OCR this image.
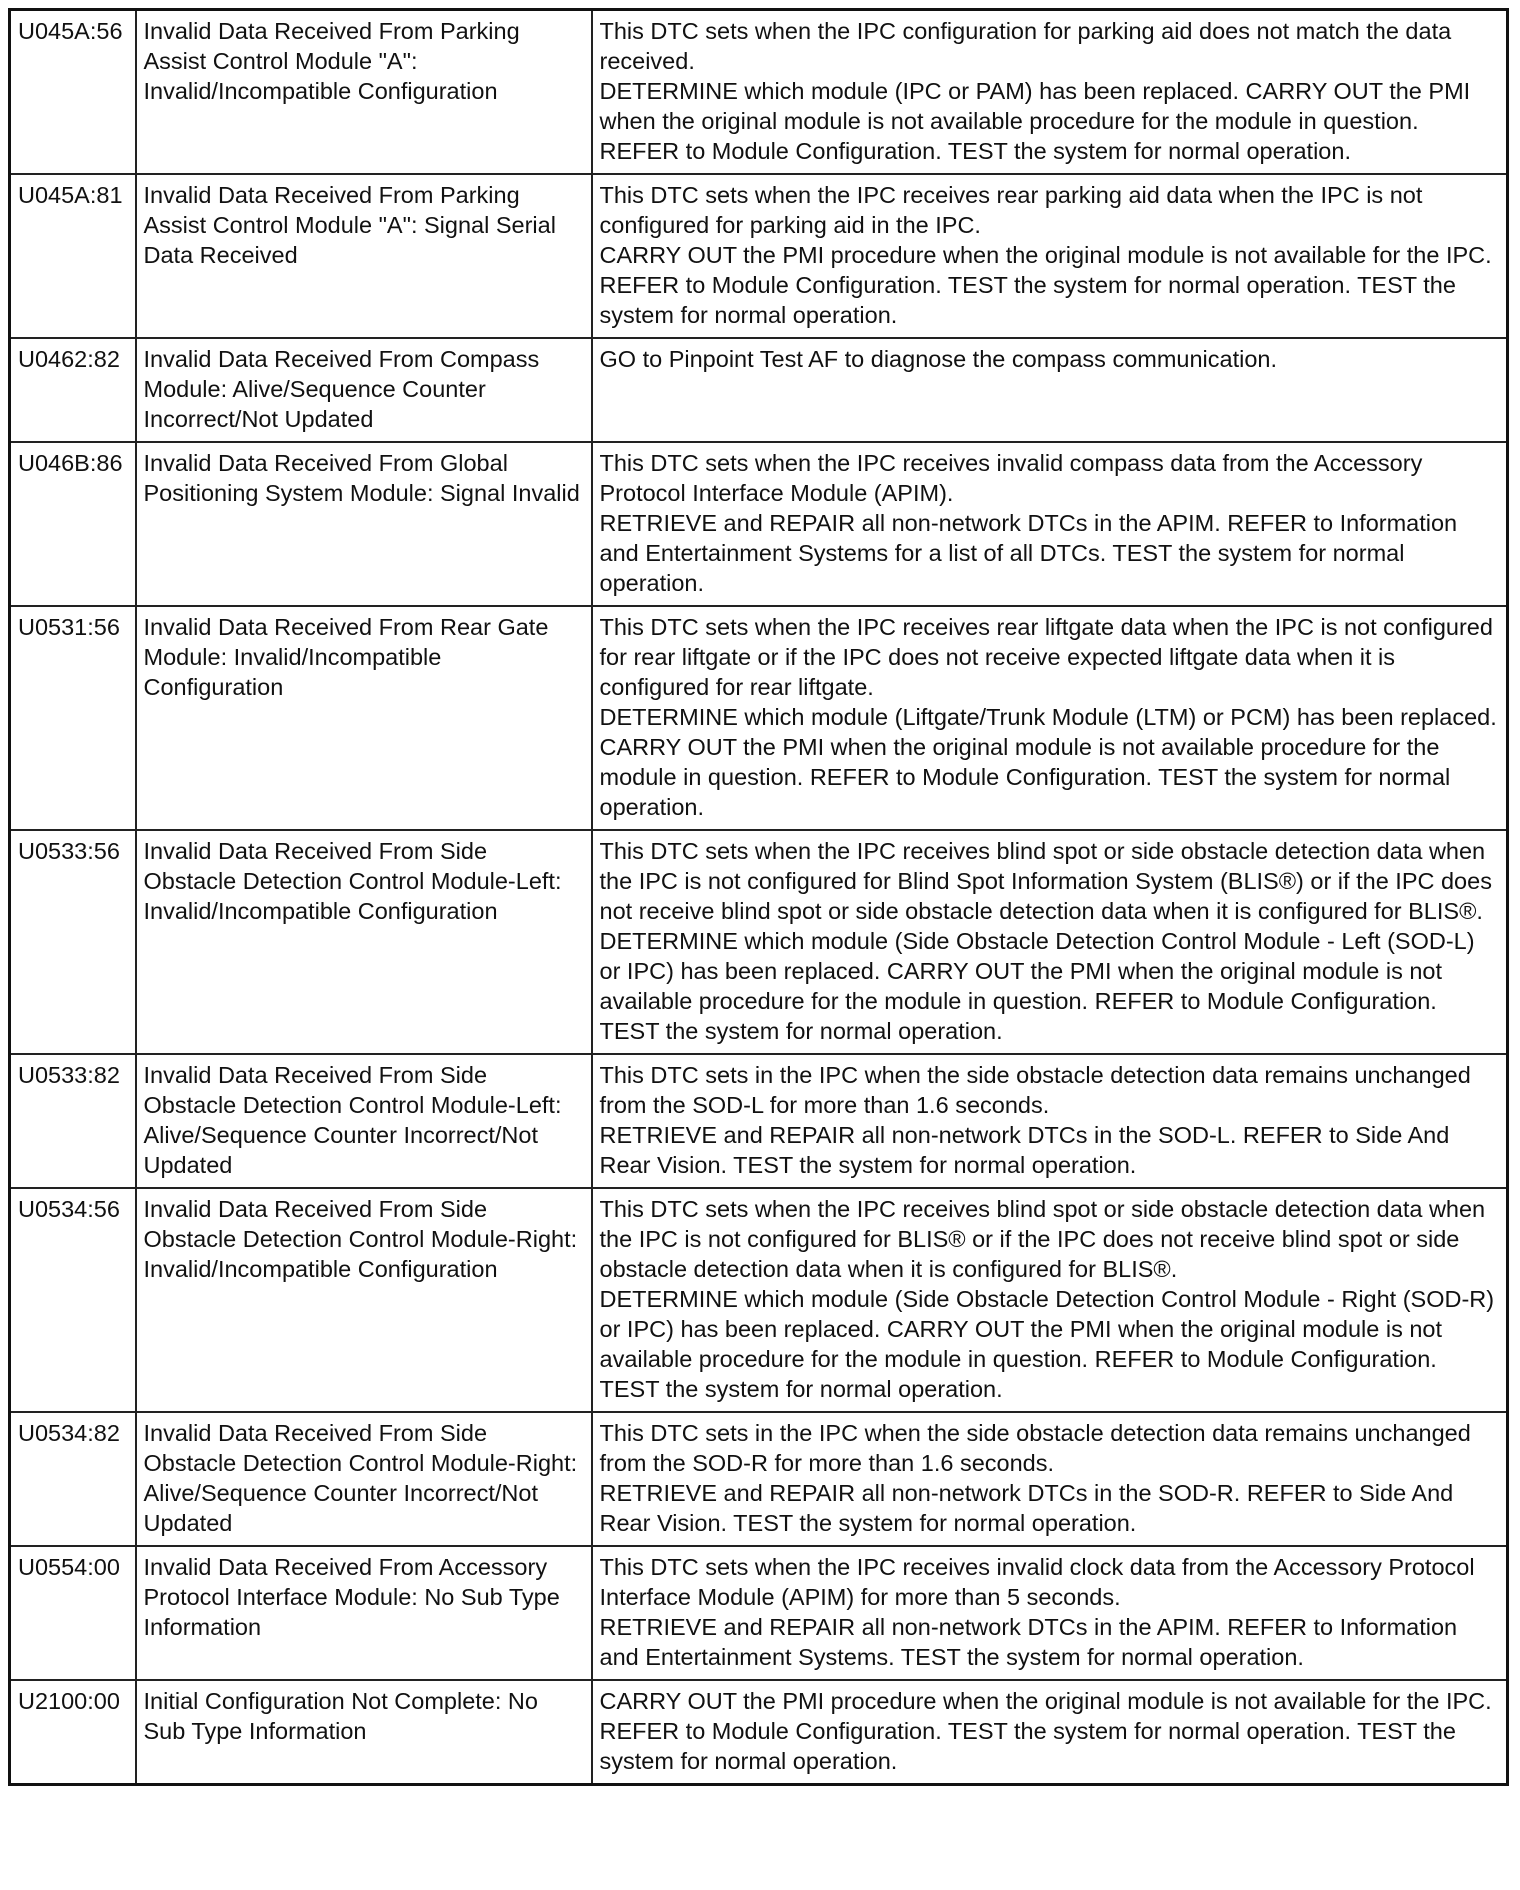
U045A:56	Invalid Data Received From Parking Assist Control Module "A": Invalid/Incompatible Configuration	This DTC sets when the IPC configuration for parking aid does not match the data received.
DETERMINE which module (IPC or PAM) has been replaced. CARRY OUT the PMI when the original module is not available procedure for the module in question. REFER to Module Configuration. TEST the system for normal operation.
U045A:81	Invalid Data Received From Parking Assist Control Module "A": Signal Serial Data Received	This DTC sets when the IPC receives rear parking aid data when the IPC is not configured for parking aid in the IPC.
CARRY OUT the PMI procedure when the original module is not available for the IPC. REFER to Module Configuration. TEST the system for normal operation. TEST the system for normal operation.
U0462:82	Invalid Data Received From Compass Module: Alive/Sequence Counter Incorrect/Not Updated	GO to Pinpoint Test AF to diagnose the compass communication.
U046B:86	Invalid Data Received From Global Positioning System Module: Signal Invalid	This DTC sets when the IPC receives invalid compass data from the Accessory Protocol Interface Module (APIM).
RETRIEVE and REPAIR all non-network DTCs in the APIM. REFER to Information and Entertainment Systems for a list of all DTCs. TEST the system for normal operation.
U0531:56	Invalid Data Received From Rear Gate Module: Invalid/Incompatible Configuration	This DTC sets when the IPC receives rear liftgate data when the IPC is not configured for rear liftgate or if the IPC does not receive expected liftgate data when it is configured for rear liftgate.
DETERMINE which module (Liftgate/Trunk Module (LTM) or PCM) has been replaced. CARRY OUT the PMI when the original module is not available procedure for the module in question. REFER to Module Configuration. TEST the system for normal operation.
U0533:56	Invalid Data Received From Side Obstacle Detection Control Module-Left: Invalid/Incompatible Configuration	This DTC sets when the IPC receives blind spot or side obstacle detection data when the IPC is not configured for Blind Spot Information System (BLIS®) or if the IPC does not receive blind spot or side obstacle detection data when it is configured for BLIS®.
DETERMINE which module (Side Obstacle Detection Control Module - Left (SOD-L) or IPC) has been replaced. CARRY OUT the PMI when the original module is not available procedure for the module in question. REFER to Module Configuration. TEST the system for normal operation.
U0533:82	Invalid Data Received From Side Obstacle Detection Control Module-Left: Alive/Sequence Counter Incorrect/Not Updated	This DTC sets in the IPC when the side obstacle detection data remains unchanged from the SOD-L for more than 1.6 seconds.
RETRIEVE and REPAIR all non-network DTCs in the SOD-L. REFER to Side And Rear Vision. TEST the system for normal operation.
U0534:56	Invalid Data Received From Side Obstacle Detection Control Module-Right: Invalid/Incompatible Configuration	This DTC sets when the IPC receives blind spot or side obstacle detection data when the IPC is not configured for BLIS® or if the IPC does not receive blind spot or side obstacle detection data when it is configured for BLIS®.
DETERMINE which module (Side Obstacle Detection Control Module - Right (SOD-R) or IPC) has been replaced. CARRY OUT the PMI when the original module is not available procedure for the module in question. REFER to Module Configuration. TEST the system for normal operation.
U0534:82	Invalid Data Received From Side Obstacle Detection Control Module-Right: Alive/Sequence Counter Incorrect/Not Updated	This DTC sets in the IPC when the side obstacle detection data remains unchanged from the SOD-R for more than 1.6 seconds.
RETRIEVE and REPAIR all non-network DTCs in the SOD-R. REFER to Side And Rear Vision. TEST the system for normal operation.
U0554:00	Invalid Data Received From Accessory Protocol Interface Module: No Sub Type Information	This DTC sets when the IPC receives invalid clock data from the Accessory Protocol Interface Module (APIM) for more than 5 seconds.
RETRIEVE and REPAIR all non-network DTCs in the APIM. REFER to Information and Entertainment Systems. TEST the system for normal operation.
U2100:00	Initial Configuration Not Complete: No Sub Type Information	CARRY OUT the PMI procedure when the original module is not available for the IPC. REFER to Module Configuration. TEST the system for normal operation. TEST the system for normal operation.
